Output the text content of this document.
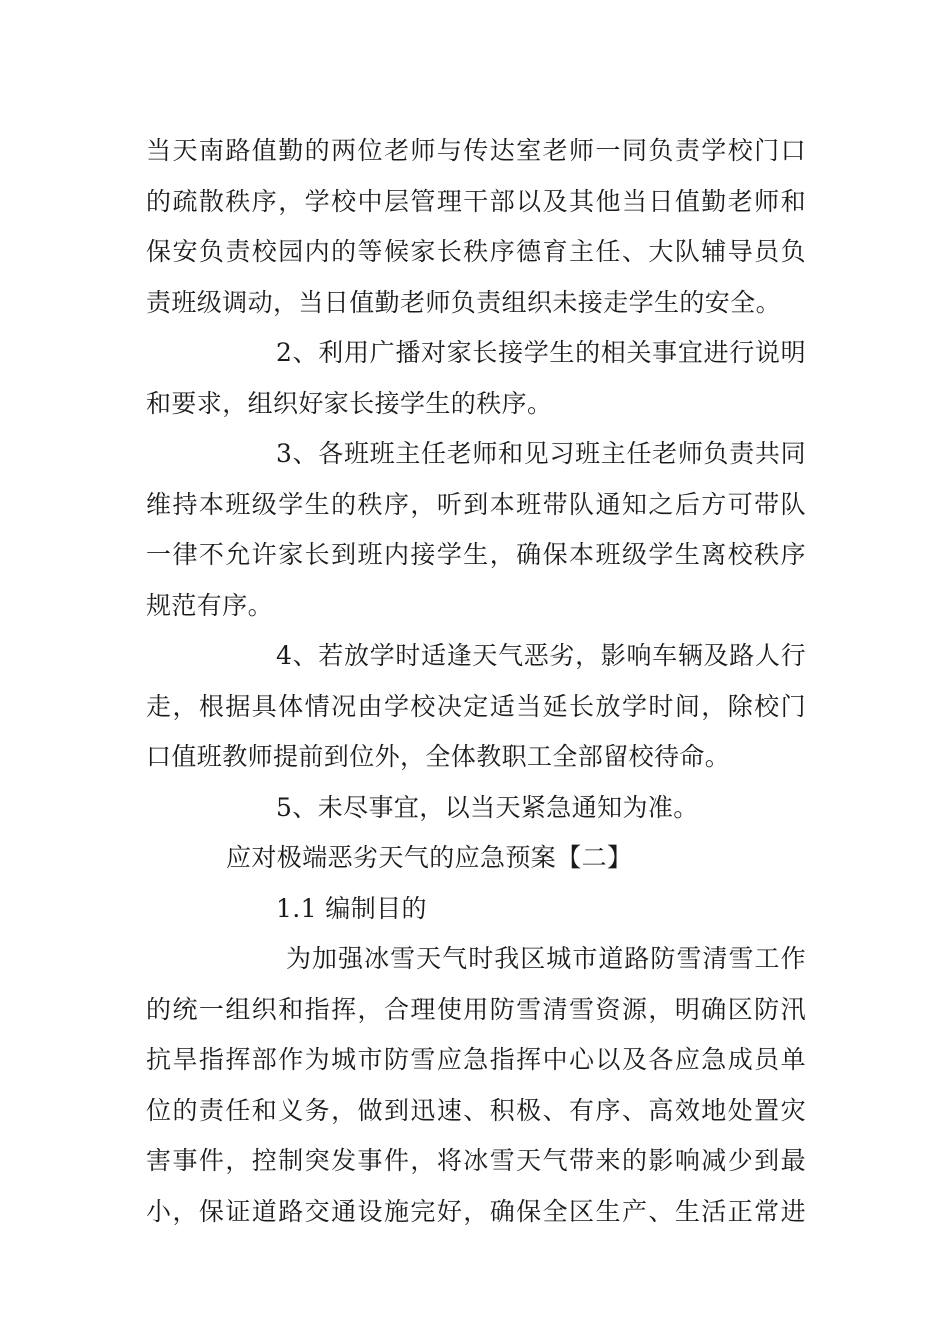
当天南路值勤的两位老师与传达室老师一同负责学校门口
的疏散秩序，学校中层管理干部以及其他当日值勤老师和
保安负责校园内的等候家长秩序德育主任、大队辅导员负
责班级调动，当日值勤老师负责组织未接走学生的安全。
2、利用广播对家长接学生的相关事宜进行说明
和要求，组织好家长接学生的秩序。
3、各班班主任老师和见习班主任老师负责共同
维持本班级学生的秩序，听到本班带队通知之后方可带队
一律不允许家长到班内接学生，确保本班级学生离校秩序
规范有序。
4、若放学时适逢天气恶劣，影响车辆及路人行
走，根据具体情况由学校决定适当延长放学时间，除校门
口值班教师提前到位外，全体教职工全部留校待命。
5、未尽事宜，以当天紧急通知为准。
应对极端恶劣天气的应急预案【二】
1.1 编制目的
为加强冰雪天气时我区城市道路防雪清雪工作
的统一组织和指挥，合理使用防雪清雪资源，明确区防汛
抗旱指挥部作为城市防雪应急指挥中心以及各应急成员单
位的责任和义务，做到迅速、积极、有序、高效地处置灾
害事件，控制突发事件，将冰雪天气带来的影响减少到最
小，保证道路交通设施完好，确保全区生产、生活正常进
